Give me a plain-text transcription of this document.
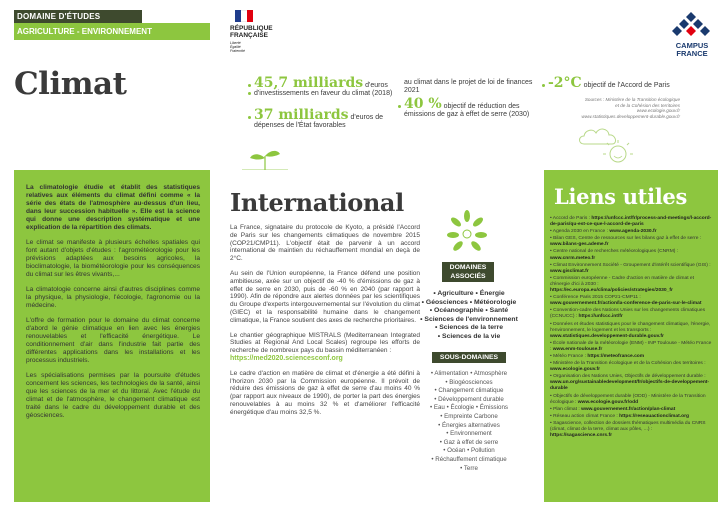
DOMAINE D'ÉTUDES
AGRICULTURE - ENVIRONNEMENT	RÉPUBLIQUE
FRANÇAISE
Liberté
Égalité
Fraternité
CAMPUS
FRANCE
Climat	45,7 milliards d'euros d'investissements en faveur du climat (2018)
37 milliards d'euros de dépenses de l'État favorables
au climat dans le projet de loi de finances 2021
40 % objectif de réduction des émissions de gaz à effet de serre (2030)
-2°C objectif de l'Accord de Paris
Sources : Ministère de la Transition écologique
et de la Cohésion des territoires
www.ecologie.gouv.fr
www.statistiques.developpement-durable.gouv.fr

La climatologie étudie et établit des statistiques relatives aux éléments du climat défini comme « la série des états de l'atmosphère au-dessus d'un lieu, dans leur succession habituelle ». Elle est la science qui donne une description systématique et une explication de la répartition des climats.

Le climat se manifeste à plusieurs échelles spatiales qui font autant d'objets d'études : l'agrométéorologie pour les prévisions adaptées aux besoins agricoles, la bioclimatologie, la biométéorologie pour les conséquences du climat sur les êtres vivants,...

La climatologie concerne ainsi d'autres disciplines comme la physique, la physiologie, l'écologie, l'agronomie ou la médecine.

L'offre de formation pour le domaine du climat concerne d'abord le génie climatique en lien avec les énergies renouvelables et l'efficacité énergétique. Le conditionnement d'air dans l'industrie fait partie des différentes applications dans les installations et les processus industriels.

Les spécialisations permises par la poursuite d'études concernent les sciences, les technologies de la santé, ainsi que les sciences de la mer et du littoral. Avec l'étude du climat et de l'atmosphère, le changement climatique est traité dans le cadre du développement durable et des géosciences.

International

La France, signataire du protocole de Kyoto, a présidé l'Accord de Paris sur les changements climatiques de novembre 2015 (COP21/CMP11). L'objectif était de parvenir à un accord international de maintien du réchauffement mondial en deçà de 2°C.

Au sein de l'Union européenne, la France défend une position ambitieuse, axée sur un objectif de -40 % d'émissions de gaz à effet de serre en 2030, puis de -60 % en 2040 (par rapport à 1990). Afin de répondre aux alertes données par les scientifiques du Groupe d'experts intergouvernemental sur l'évolution du climat (GIEC) et la responsabilité humaine dans le changement climatique, la France soutient des axes de recherche prioritaires.

Le chantier géographique MISTRALS (Mediterranean Integrated Studies at Regional And Local Scales) regroupe les efforts de recherche de nombreux pays du bassin méditerranéen :
https://med2020.sciencesconf.org

Le cadre d'action en matière de climat et d'énergie a été défini à l'horizon 2030 par la Commission européenne. Il prévoit de réduire des émissions de gaz à effet de serre d'au moins 40 % (par rapport aux niveaux de 1990), de porter la part des énergies renouvelables à au moins 32 % et d'améliorer l'efficacité énergétique d'au moins 32,5 %.

DOMAINES
ASSOCIÉS
• Agriculture • Énergie
• Géosciences • Météorologie
• Océanographie • Santé
• Sciences de l'environnement
• Sciences de la terre
• Sciences de la vie
SOUS-DOMAINES
• Alimentation • Atmosphère
• Biogéosciences
• Changement climatique
• Développement durable
• Eau • Écologie • Émissions
• Empreinte Carbone
• Énergies alternatives
• Environnement
• Gaz à effet de serre
• Océan • Pollution
• Réchauffement climatique
• Terre
Liens utiles
• Accord de Paris : https://unfccc.int/fr/process-and-meetings/l-accord-de-paris/qu-est-ce-que-l-accord-de-paris
• Agenda 2030 en France : www.agenda-2030.fr
• Bilan GES, Centre de ressources sur les bilans gaz à effet de serre : www.bilans-ges.ademe.fr
• Centre national de recherches météorologiques (CNRM) : www.cnrm.meteo.fr
• Climat Environnement Société - Groupement d'intérêt scientifique (GIS) : www.gisclimat.fr
• Commission européenne - Cadre d'action en matière de climat et d'énergie d'ici à 2030 : https://ec.europa.eu/clima/policies/strategies/2030_fr
• Conférence Paris 2015 COP21-CMP11 : www.gouvernement.fr/action/la-conference-de-paris-sur-le-climat
• Convention-cadre des Nations Unies sur les changements climatiques (CCNUCC) : https://unfccc.int/fr
• Données et études statistiques pour le changement climatique, l'énergie, l'environnement, le logement et les transports : www.statistiques.developpement-durable.gouv.fr
• École nationale de la météorologie (ENM) - INP Toulouse - Météo France : www.enm-toulouse.fr
• Météo France : https://meteofrance.com
• Ministère de la Transition écologique et de la Cohésion des territoires : www.ecologie.gouv.fr
• Organisation des Nations Unies, Objectifs de développement durable : www.un.org/sustainabledevelopment/fr/objectifs-de-developpement-durable
• Objectifs de développement durable (ODD) - Ministère de la Transition écologique : www.ecologie.gouv.fr/odd
• Plan climat : www.gouvernement.fr/action/plan-climat
• Réseau action climat France : https://reseauactionclimat.org
• Sagascience, collection de dossiers thématiques multimédia du CNRS (climat, climat de la terre, climat aux pôles, ...) : https://sagascience.cnrs.fr
